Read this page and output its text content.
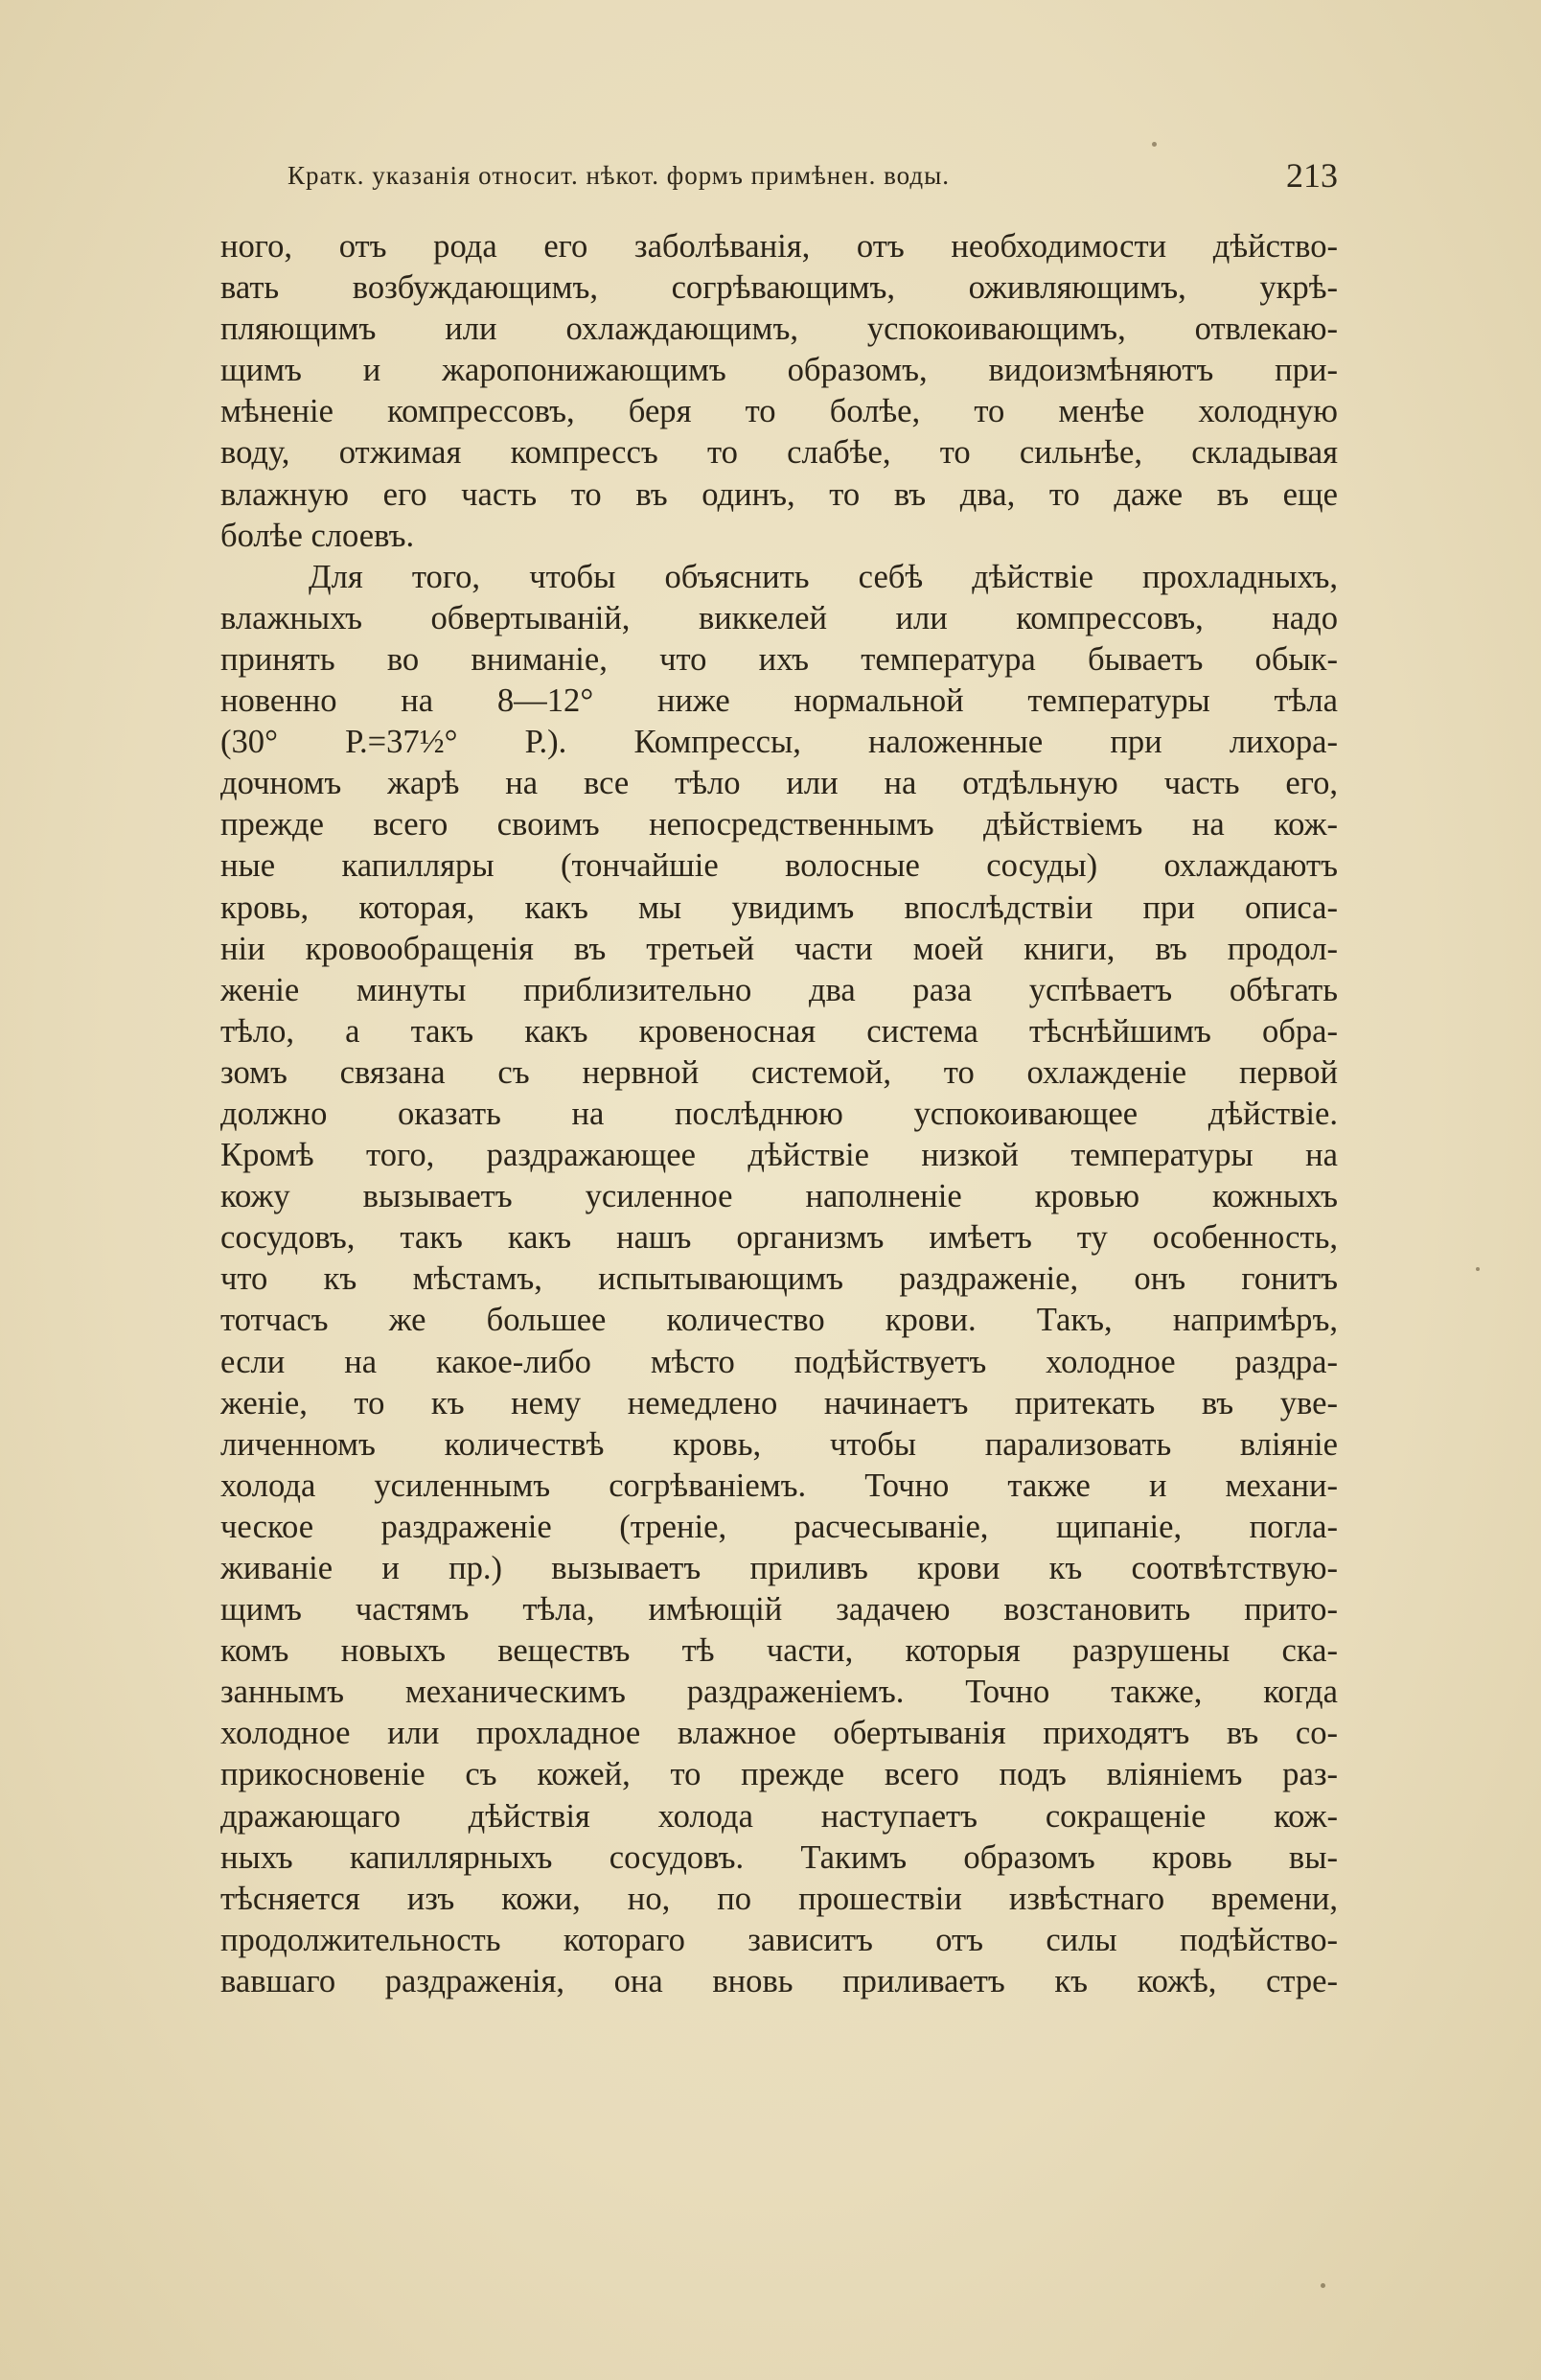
Кратк. указанія относит. нѣкот. формъ примѣнен. воды.	213
ного, отъ рода его заболѣванія, отъ необходимости дѣйство-
вать возбуждающимъ, согрѣвающимъ, оживляющимъ, укрѣ-
пляющимъ или охлаждающимъ, успокоивающимъ, отвлекаю-
щимъ и жаропонижающимъ образомъ, видоизмѣняютъ при-
мѣненіе компрессовъ, беря то болѣе, то менѣе холодную
воду, отжимая компрессъ то слабѣе, то сильнѣе, складывая
влажную его часть то въ одинъ, то въ два, то даже въ еще
болѣе слоевъ.
Для того, чтобы объяснить себѣ дѣйствіе прохладныхъ,
влажныхъ обвертываній, виккелей или компрессовъ, надо
принять во вниманіе, что ихъ температура бываетъ обык-
новенно на 8—12° ниже нормальной температуры тѣла
(30° Р.=37½° Р.). Компрессы, наложенные при лихора-
дочномъ жарѣ на все тѣло или на отдѣльную часть его,
прежде всего своимъ непосредственнымъ дѣйствіемъ на кож-
ные капилляры (тончайшіе волосные сосуды) охлаждаютъ
кровь, которая, какъ мы увидимъ впослѣдствіи при описа-
ніи кровообращенія въ третьей части моей книги, въ продол-
женіе минуты приблизительно два раза успѣваетъ обѣгать
тѣло, а такъ какъ кровеносная система тѣснѣйшимъ обра-
зомъ связана съ нервной системой, то охлажденіе первой
должно оказать на послѣднюю успокоивающее дѣйствіе.
Кромѣ того, раздражающее дѣйствіе низкой температуры на
кожу вызываетъ усиленное наполненіе кровью кожныхъ
сосудовъ, такъ какъ нашъ организмъ имѣетъ ту особенность,
что къ мѣстамъ, испытывающимъ раздраженіе, онъ гонитъ
тотчасъ же большее количество крови. Такъ, напримѣръ,
если на какое-либо мѣсто подѣйствуетъ холодное раздра-
женіе, то къ нему немедлено начинаетъ притекать въ уве-
личенномъ количествѣ кровь, чтобы парализовать вліяніе
холода усиленнымъ согрѣваніемъ. Точно также и механи-
ческое раздраженіе (треніе, расчесываніе, щипаніе, погла-
живаніе и пр.) вызываетъ приливъ крови къ соотвѣтствую-
щимъ частямъ тѣла, имѣющій задачею возстановить прито-
комъ новыхъ веществъ тѣ части, которыя разрушены ска-
заннымъ механическимъ раздраженіемъ. Точно также, когда
холодное или прохладное влажное обертыванія приходятъ въ со-
прикосновеніе съ кожей, то прежде всего подъ вліяніемъ раз-
дражающаго дѣйствія холода наступаетъ сокращеніе кож-
ныхъ капиллярныхъ сосудовъ. Такимъ образомъ кровь вы-
тѣсняется изъ кожи, но, по прошествіи извѣстнаго времени,
продолжительность котораго зависитъ отъ силы подѣйство-
вавшаго раздраженія, она вновь приливаетъ къ кожѣ, стре-
